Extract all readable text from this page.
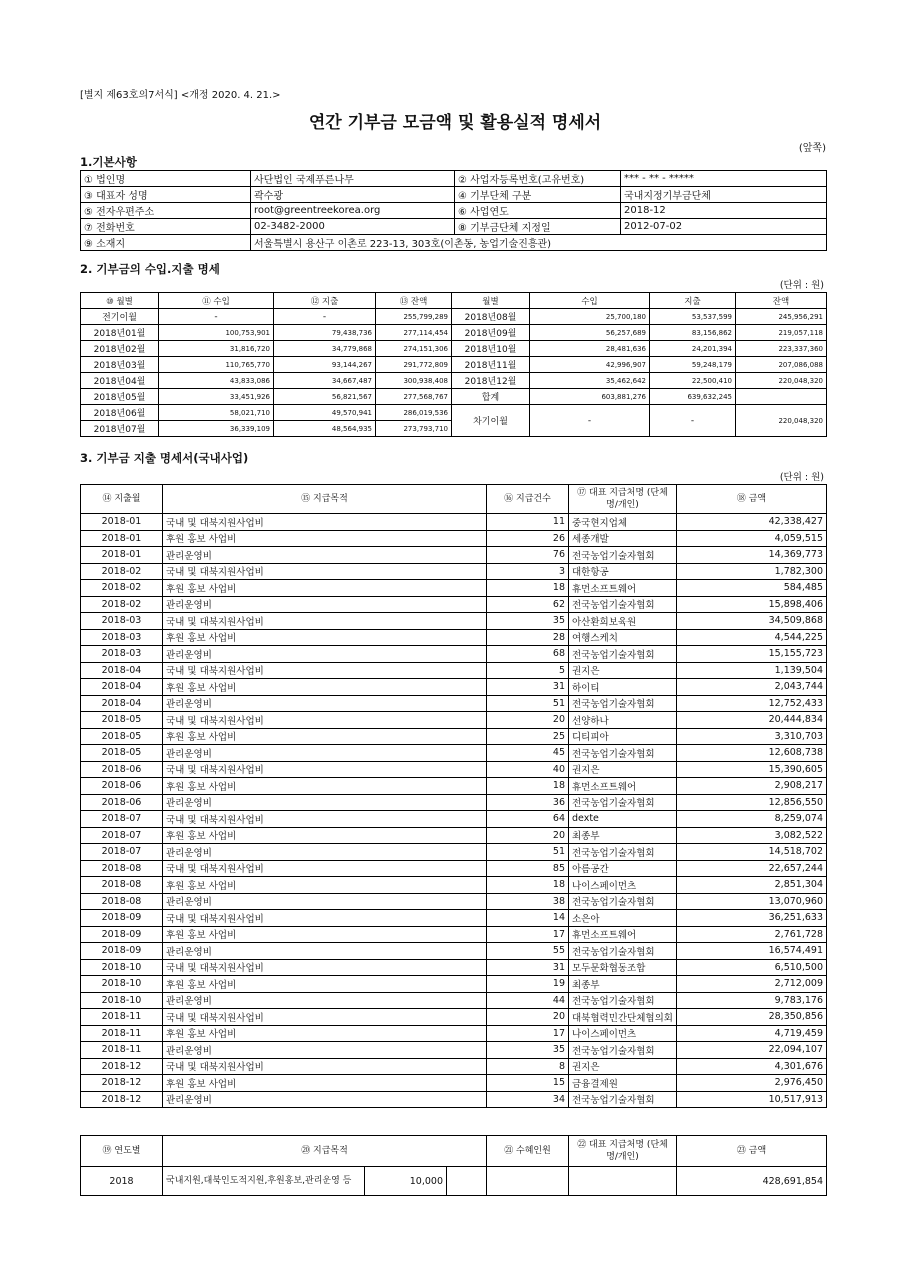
[별지 제63호의7서식] <개정 2020. 4. 21.>
연간 기부금 모금액 및 활용실적 명세서
(앞쪽)
1.기본사항
① 법인명	사단법인 국제푸른나무	② 사업자등록번호(고유번호)	*** - ** - *****
③ 대표자 성명	곽수광	④ 기부단체 구분	국내지정기부금단체
⑤ 전자우편주소	root@greentreekorea.org	⑥ 사업연도	2018-12
⑦ 전화번호	02-3482-2000	⑧ 기부금단체 지정일	2012-07-02
⑨ 소재지	서울특별시 용산구 이촌로 223-13, 303호(이촌동, 농업기술진흥관)		
2. 기부금의 수입.지출 명세
(단위 : 원)
⑩ 월별	⑪ 수입	⑫ 지출	⑬ 잔액	월별	수입	지출	잔액
전기이월	-	-	255,799,289	2018년08월	25,700,180	53,537,599	245,956,291
2018년01월	100,753,901	79,438,736	277,114,454	2018년09월	56,257,689	83,156,862	219,057,118
2018년02월	31,816,720	34,779,868	274,151,306	2018년10월	28,481,636	24,201,394	223,337,360
2018년03월	110,765,770	93,144,267	291,772,809	2018년11월	42,996,907	59,248,179	207,086,088
2018년04월	43,833,086	34,667,487	300,938,408	2018년12월	35,462,642	22,500,410	220,048,320
2018년05월	33,451,926	56,821,567	277,568,767	합계	603,881,276	639,632,245	
2018년06월	58,021,710	49,570,941	286,019,536	차기이월	-	-	220,048,320
2018년07월	36,339,109	48,564,935	273,793,710				
3. 기부금 지출 명세서(국내사업)
(단위 : 원)
⑭ 지출월	⑮ 지급목적	⑯ 지급건수	⑰ 대표 지급처명 (단체명/개인)	⑱ 금액
2018-01	국내 및 대북지원사업비	11	중국현지업체	42,338,427
2018-01	후원 홍보 사업비	26	세종개발	4,059,515
2018-01	관리운영비	76	전국농업기술자협회	14,369,773
2018-02	국내 및 대북지원사업비	3	대한항공	1,782,300
2018-02	후원 홍보 사업비	18	휴먼소프트웨어	584,485
2018-02	관리운영비	62	전국농업기술자협회	15,898,406
2018-03	국내 및 대북지원사업비	35	아산환희보육원	34,509,868
2018-03	후원 홍보 사업비	28	여행스케치	4,544,225
2018-03	관리운영비	68	전국농업기술자협회	15,155,723
2018-04	국내 및 대북지원사업비	5	권지은	1,139,504
2018-04	후원 홍보 사업비	31	하이티	2,043,744
2018-04	관리운영비	51	전국농업기술자협회	12,752,433
2018-05	국내 및 대북지원사업비	20	선양하나	20,444,834
2018-05	후원 홍보 사업비	25	디티피아	3,310,703
2018-05	관리운영비	45	전국농업기술자협회	12,608,738
2018-06	국내 및 대북지원사업비	40	권지은	15,390,605
2018-06	후원 홍보 사업비	18	휴먼소프트웨어	2,908,217
2018-06	관리운영비	36	전국농업기술자협회	12,856,550
2018-07	국내 및 대북지원사업비	64	dexte	8,259,074
2018-07	후원 홍보 사업비	20	최종부	3,082,522
2018-07	관리운영비	51	전국농업기술자협회	14,518,702
2018-08	국내 및 대북지원사업비	85	아름공간	22,657,244
2018-08	후원 홍보 사업비	18	나이스페이먼츠	2,851,304
2018-08	관리운영비	38	전국농업기술자협회	13,070,960
2018-09	국내 및 대북지원사업비	14	소은아	36,251,633
2018-09	후원 홍보 사업비	17	휴먼소프트웨어	2,761,728
2018-09	관리운영비	55	전국농업기술자협회	16,574,491
2018-10	국내 및 대북지원사업비	31	모두문화협동조합	6,510,500
2018-10	후원 홍보 사업비	19	최종부	2,712,009
2018-10	관리운영비	44	전국농업기술자협회	9,783,176
2018-11	국내 및 대북지원사업비	20	대북협력민간단체협의회	28,350,856
2018-11	후원 홍보 사업비	17	나이스페이먼츠	4,719,459
2018-11	관리운영비	35	전국농업기술자협회	22,094,107
2018-12	국내 및 대북지원사업비	8	권지은	4,301,676
2018-12	후원 홍보 사업비	15	금융결제원	2,976,450
2018-12	관리운영비	34	전국농업기술자협회	10,517,913
⑲ 연도별	⑳ 지급목적			㉑ 수혜인원	㉒ 대표 지급처명 (단체명/개인)	㉓ 금액
2018	국내지원,대북인도적지원,후원홍보,관리운영 등	10,000				428,691,854
